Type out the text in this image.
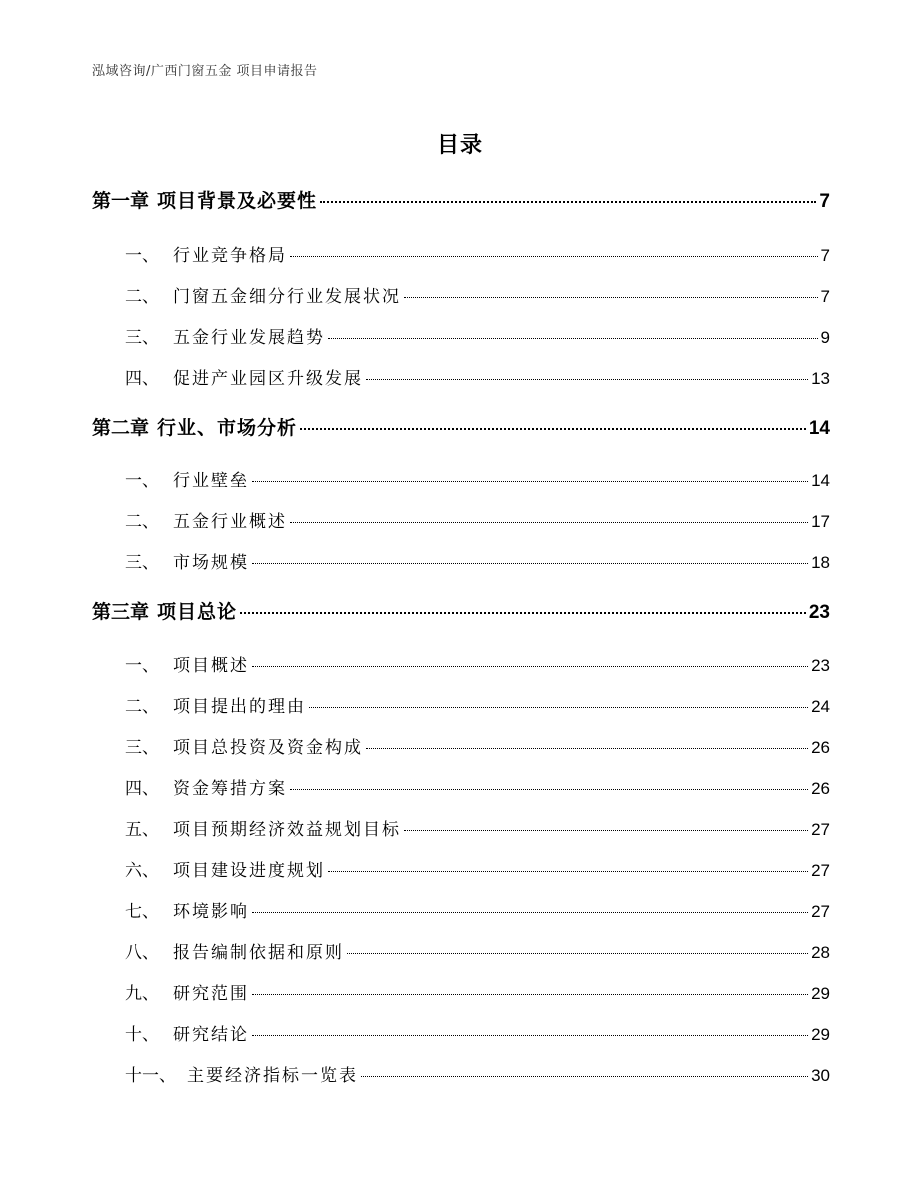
泓域咨询/广西门窗五金 项目申请报告
目录
第一章 项目背景及必要性	7
一、 行业竞争格局	7
二、 门窗五金细分行业发展状况	7
三、 五金行业发展趋势	9
四、 促进产业园区升级发展	13
第二章 行业、市场分析	14
一、 行业壁垒	14
二、 五金行业概述	17
三、 市场规模	18
第三章 项目总论	23
一、 项目概述	23
二、 项目提出的理由	24
三、 项目总投资及资金构成	26
四、 资金筹措方案	26
五、 项目预期经济效益规划目标	27
六、 项目建设进度规划	27
七、 环境影响	27
八、 报告编制依据和原则	28
九、 研究范围	29
十、 研究结论	29
十一、 主要经济指标一览表	30
